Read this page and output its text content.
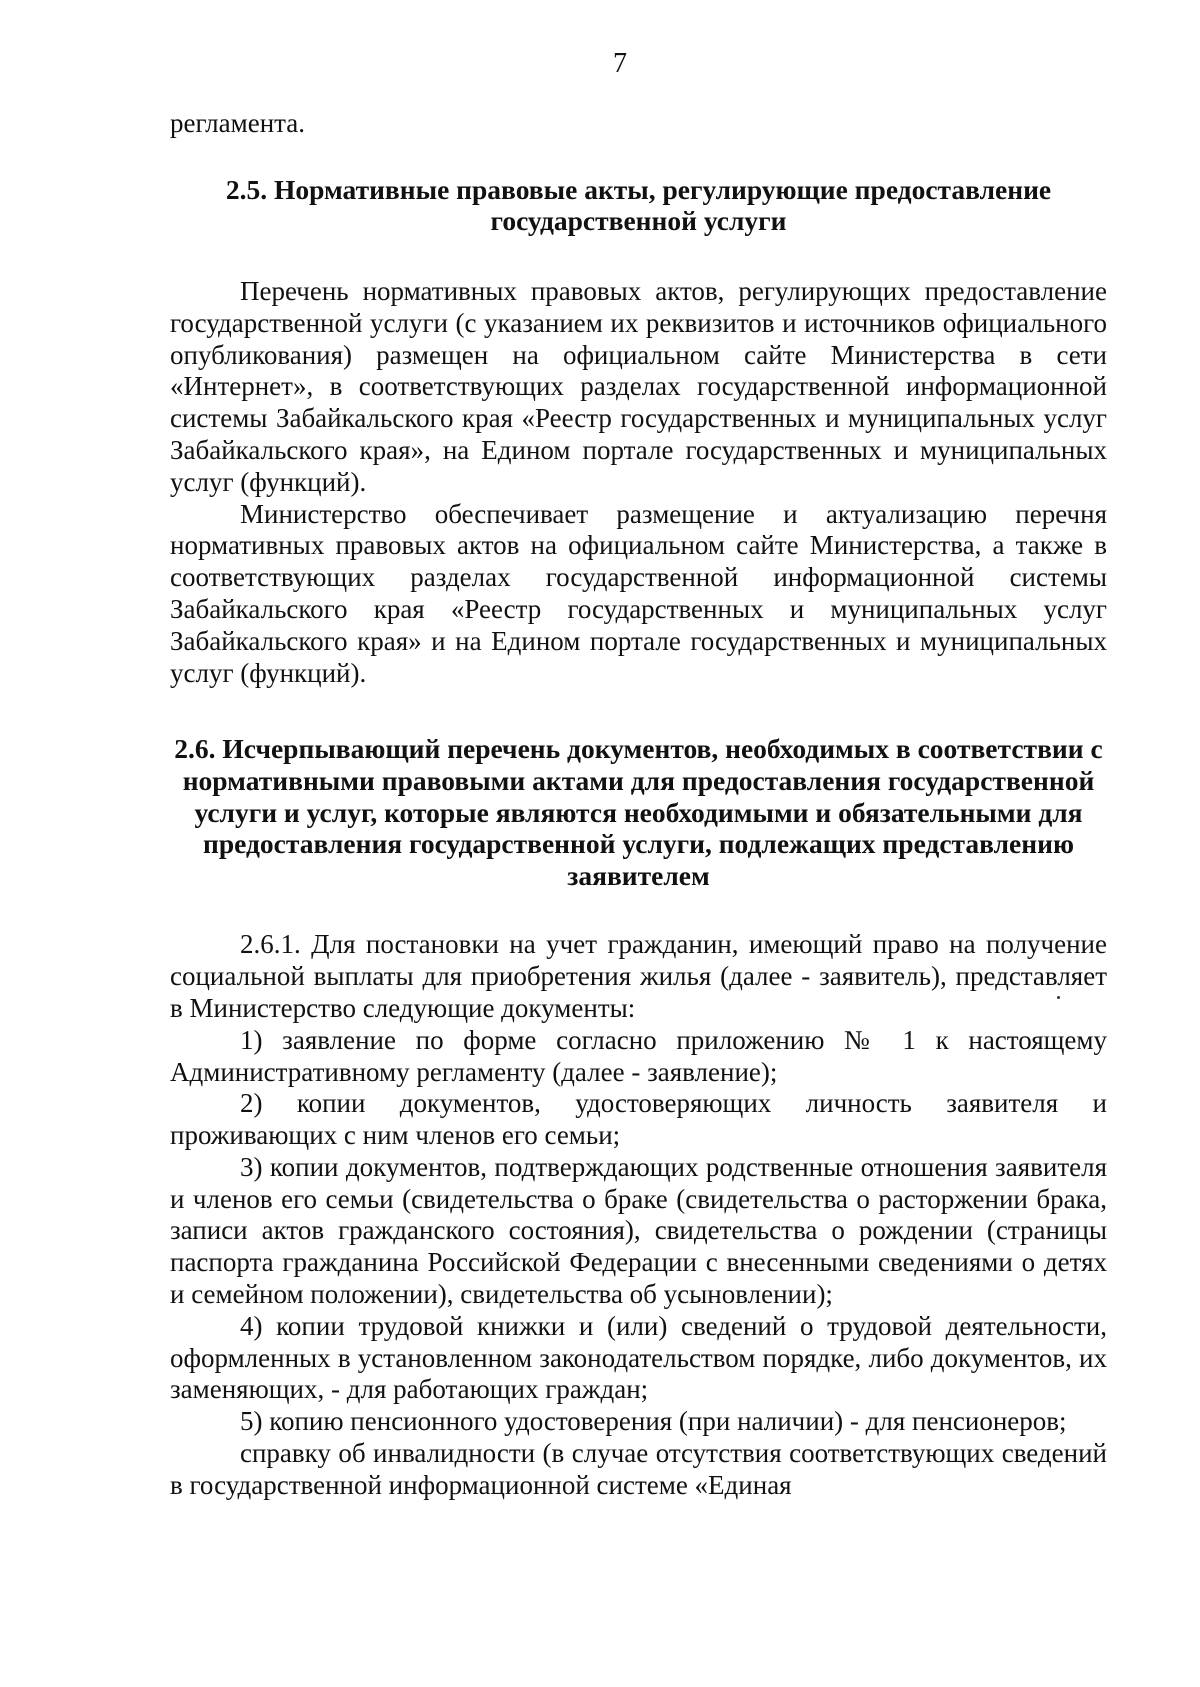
7

регламента.

2.5. Нормативные правовые акты, регулирующие предоставление государственной услуги

Перечень нормативных правовых актов, регулирующих предоставление государственной услуги (с указанием их реквизитов и источников официального опубликования) размещен на официальном сайте Министерства в сети «Интернет», в соответствующих разделах государственной информационной системы Забайкальского края «Реестр государственных и муниципальных услуг Забайкальского края», на Едином портале государственных и муниципальных услуг (функций).

Министерство обеспечивает размещение и актуализацию перечня нормативных правовых актов на официальном сайте Министерства, а также в соответствующих разделах государственной информационной системы Забайкальского края «Реестр государственных и муниципальных услуг Забайкальского края» и на Едином портале государственных и муниципальных услуг (функций).

2.6. Исчерпывающий перечень документов, необходимых в соответствии с нормативными правовыми актами для предоставления государственной услуги и услуг, которые являются необходимыми и обязательными для предоставления государственной услуги, подлежащих представлению заявителем

2.6.1. Для постановки на учет гражданин, имеющий право на получение социальной выплаты для приобретения жилья (далее - заявитель), представляет в Министерство следующие документы:

1) заявление по форме согласно приложению № 1 к настоящему Административному регламенту (далее - заявление);

2) копии документов, удостоверяющих личность заявителя и проживающих с ним членов его семьи;

3) копии документов, подтверждающих родственные отношения заявителя и членов его семьи (свидетельства о браке (свидетельства о расторжении брака, записи актов гражданского состояния), свидетельства о рождении (страницы паспорта гражданина Российской Федерации с внесенными сведениями о детях и семейном положении), свидетельства об усыновлении);

4) копии трудовой книжки и (или) сведений о трудовой деятельности, оформленных в установленном законодательством порядке, либо документов, их заменяющих, - для работающих граждан;

5) копию пенсионного удостоверения (при наличии) - для пенсионеров;

справку об инвалидности (в случае отсутствия соответствующих сведений в государственной информационной системе «Единая
